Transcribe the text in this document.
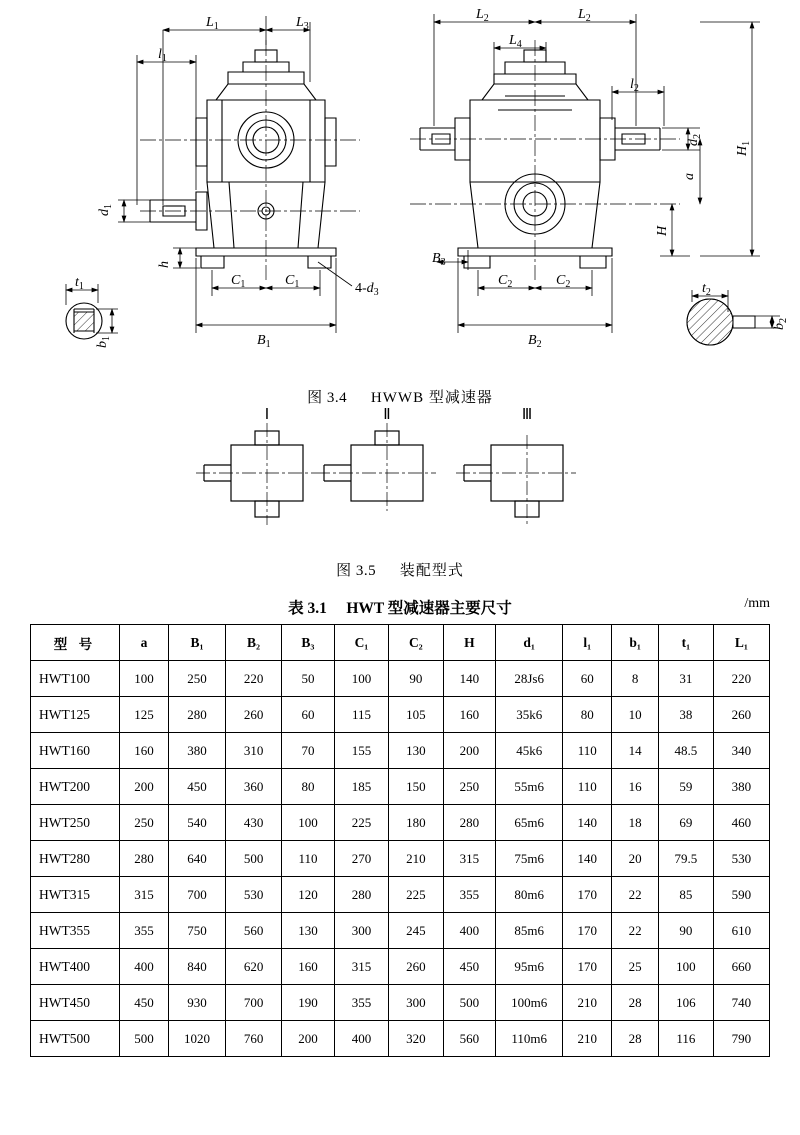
$L_1$	$L_3$
$l_1$
$d_1$
h
$C_1$	$C_1$
$B_1$
$4-d_3$
$t_1$
$b_1$
$L_2$	$L_2$
$L_4$
$l_2$
$d_2$
a
H
$H_1$
$B_3$
$C_2$	$C_2$
$B_2$
$t_2$
$b_2$
图 3.4 HWWB 型减速器
Ⅰ	Ⅱ	Ⅲ
图 3.5 装配型式
表 3.1 HWT 型减速器主要尺寸	/mm
型 号	a	B₁	B₂	B₃	C₁	C₂	H	d₁	l₁	b₁	t₁	L₁
HWT100	100	250	220	50	100	90	140	28Js6	60	8	31	220
HWT125	125	280	260	60	115	105	160	35k6	80	10	38	260
HWT160	160	380	310	70	155	130	200	45k6	110	14	48.5	340
HWT200	200	450	360	80	185	150	250	55m6	110	16	59	380
HWT250	250	540	430	100	225	180	280	65m6	140	18	69	460
HWT280	280	640	500	110	270	210	315	75m6	140	20	79.5	530
HWT315	315	700	530	120	280	225	355	80m6	170	22	85	590
HWT355	355	750	560	130	300	245	400	85m6	170	22	90	610
HWT400	400	840	620	160	315	260	450	95m6	170	25	100	660
HWT450	450	930	700	190	355	300	500	100m6	210	28	106	740
HWT500	500	1020	760	200	400	320	560	110m6	210	28	116	790
